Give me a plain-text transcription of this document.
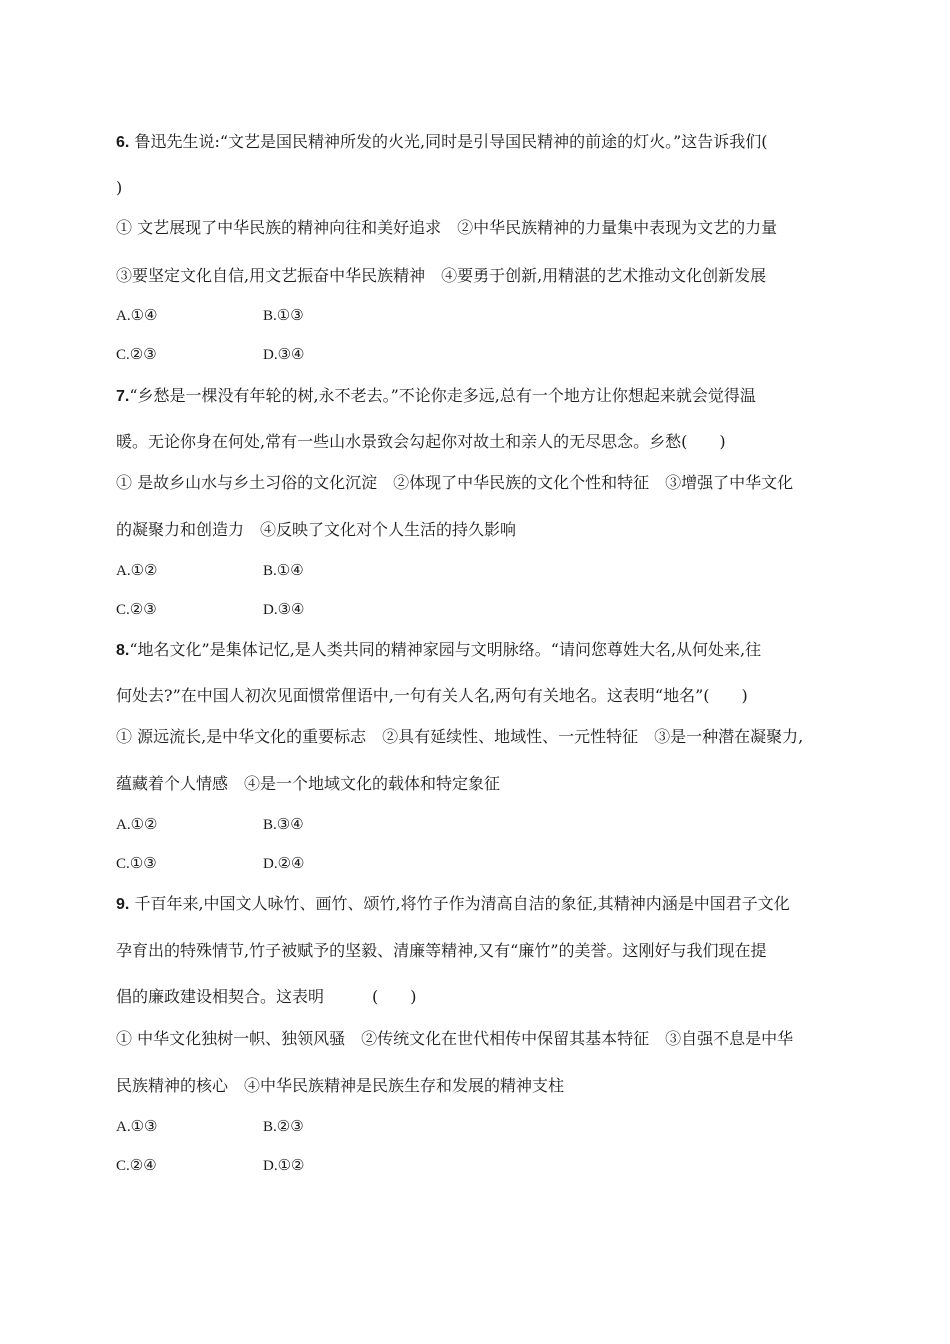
6. 鲁迅先生说:“文艺是国民精神所发的火光,同时是引导国民精神的前途的灯火。”这告诉我们(
)
① 文艺展现了中华民族的精神向往和美好追求　②中华民族精神的力量集中表现为文艺的力量
③要坚定文化自信,用文艺振奋中华民族精神　④要勇于创新,用精湛的艺术推动文化创新发展
A.①④	B.①③
C.②③	D.③④
7.“乡愁是一棵没有年轮的树,永不老去。”不论你走多远,总有一个地方让你想起来就会觉得温
暖。无论你身在何处,常有一些山水景致会勾起你对故土和亲人的无尽思念。乡愁(　　)
① 是故乡山水与乡土习俗的文化沉淀　②体现了中华民族的文化个性和特征　③增强了中华文化
的凝聚力和创造力　④反映了文化对个人生活的持久影响
A.①②	B.①④
C.②③	D.③④
8.“地名文化”是集体记忆,是人类共同的精神家园与文明脉络。“请问您尊姓大名,从何处来,往
何处去?”在中国人初次见面惯常俚语中,一句有关人名,两句有关地名。这表明“地名”(　　)
① 源远流长,是中华文化的重要标志　②具有延续性、地域性、一元性特征　③是一种潜在凝聚力,
蕴藏着个人情感　④是一个地域文化的载体和特定象征
A.①②	B.③④
C.①③	D.②④
9. 千百年来,中国文人咏竹、画竹、颂竹,将竹子作为清高自洁的象征,其精神内涵是中国君子文化
孕育出的特殊情节,竹子被赋予的坚毅、清廉等精神,又有“廉竹”的美誉。这刚好与我们现在提
倡的廉政建设相契合。这表明　　　(　　)
① 中华文化独树一帜、独领风骚　②传统文化在世代相传中保留其基本特征　③自强不息是中华
民族精神的核心　④中华民族精神是民族生存和发展的精神支柱
A.①③	B.②③
C.②④	D.①②
